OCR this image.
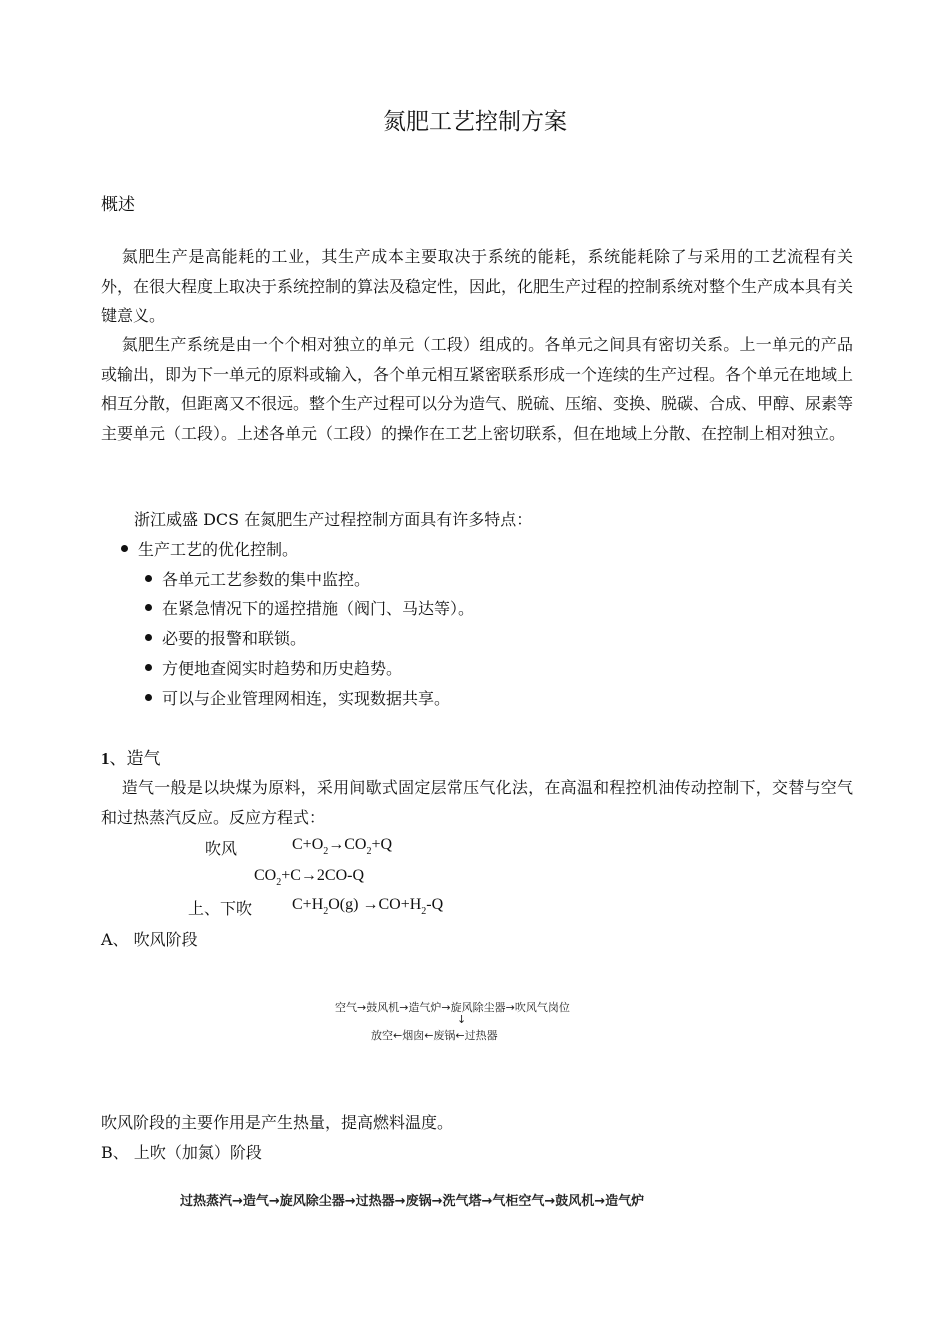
氮肥工艺控制方案
概述
氮肥生产是高能耗的工业，其生产成本主要取决于系统的能耗，系统能耗除了与采用的工艺流程有关外，在很大程度上取决于系统控制的算法及稳定性，因此，化肥生产过程的控制系统对整个生产成本具有关键意义。
氮肥生产系统是由一个个相对独立的单元（工段）组成的。各单元之间具有密切关系。上一单元的产品或输出，即为下一单元的原料或输入，各个单元相互紧密联系形成一个连续的生产过程。各个单元在地域上相互分散，但距离又不很远。整个生产过程可以分为造气、脱硫、压缩、变换、脱碳、合成、甲醇、尿素等主要单元（工段）。上述各单元（工段）的操作在工艺上密切联系，但在地域上分散、在控制上相对独立。
浙江威盛 DCS 在氮肥生产过程控制方面具有许多特点：
生产工艺的优化控制。
各单元工艺参数的集中监控。
在紧急情况下的遥控措施（阀门、马达等）。
必要的报警和联锁。
方便地查阅实时趋势和历史趋势。
可以与企业管理网相连，实现数据共享。
1、造气
造气一般是以块煤为原料，采用间歇式固定层常压气化法，在高温和程控机油传动控制下，交替与空气和过热蒸汽反应。反应方程式：
吹风	$C+O_2\to CO_2+Q$
$CO_2+C\to 2CO-Q$
上、下吹 $C+H_2O(g) \to CO+H_2-Q$
A、 吹风阶段
空气→鼓风机→造气炉→旋风除尘器→吹风气岗位
↓
放空←烟囱←废锅←过热器
吹风阶段的主要作用是产生热量，提高燃料温度。
B、 上吹（加氮）阶段
过热蒸汽→造气→旋风除尘器→过热器→废锅→洗气塔→气柜空气→鼓风机→造气炉
